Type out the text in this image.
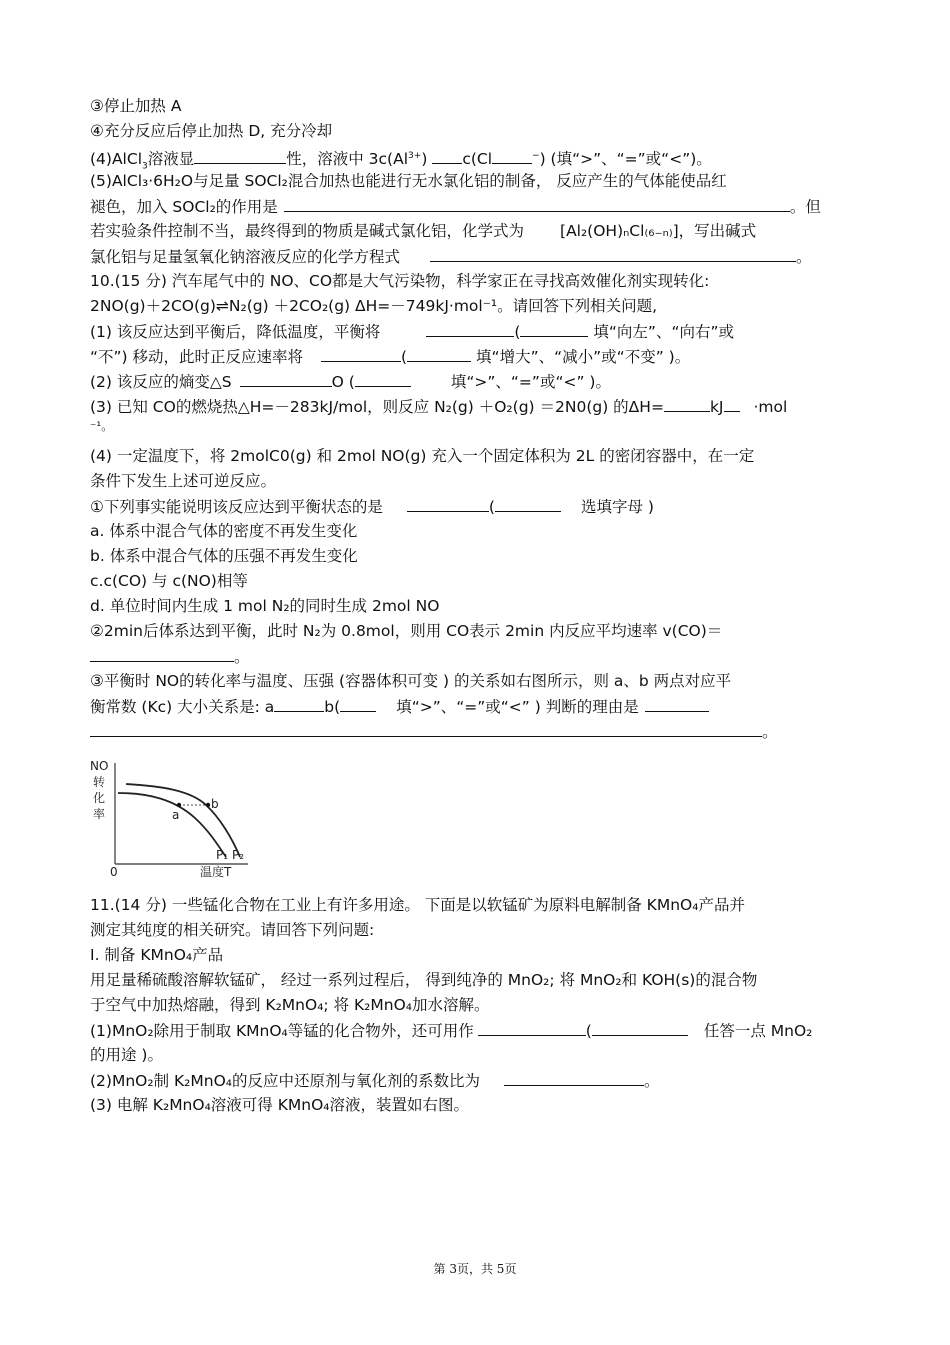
③停止加热 A
④充分反应后停止加热 D, 充分冷却
(4)AlCl$_3$溶液显	性，溶液中 $3c(Al^{3+})$ c(Cl	−) (填“>”、“=”或“<”)。
(5)AlCl₃·6H₂O与足量 SOCl₂混合加热也能进行无水氯化铝的制备， 反应产生的气体能使品红
褪色，加入 SOCl₂的作用是	。但
若实验条件控制不当，最终得到的物质是碱式氯化铝，化学式为 [Al₂(OH)ₙCl₍₆₋ₙ₎]，写出碱式
氯化铝与足量氢氧化钠溶液反应的化学方程式	。
10.(15 分) 汽车尾气中的 NO、CO都是大气污染物，科学家正在寻找高效催化剂实现转化:
2NO(g)＋2CO(g)⇌N₂(g) ＋2CO₂(g) ΔH=－749kJ·mol⁻¹。请回答下列相关问题,
(1) 该反应达到平衡后，降低温度，平衡将	(	填“向左”、“向右”或
“不”) 移动，此时正反应速率将	(	填“增大”、“减小”或“不变” )。
(2) 该反应的熵变△S	O (	填“>”、“=”或“<” )。
(3) 已知 CO的燃烧热△H=－283kJ/mol，则反应 N₂(g) ＋O₂(g) ＝2N0(g) 的ΔH=	kJ ·mol
⁻¹。
(4) 一定温度下，将 2molC0(g) 和 2mol NO(g) 充入一个固定体积为 2L 的密闭容器中，在一定
条件下发生上述可逆反应。
①下列事实能说明该反应达到平衡状态的是	(	选填字母 )
a. 体系中混合气体的密度不再发生变化
b. 体系中混合气体的压强不再发生变化
c.c(CO) 与 c(NO)相等
d. 单位时间内生成 1 mol N₂的同时生成 2mol NO
②2min后体系达到平衡，此时 N₂为 0.8mol，则用 CO表示 2min 内反应平均速率 v(CO)＝
。
③平衡时 NO的转化率与温度、压强 (容器体积可变 ) 的关系如右图所示，则 a、b 两点对应平
衡常数 (Kc) 大小关系是: a	b(	填“>”、“=”或“<” ) 判断的理由是
。
NO
转
化
率
0	温度T
a
b
P₁ P₂
11.(14 分) 一些锰化合物在工业上有许多用途。 下面是以软锰矿为原料电解制备 KMnO₄产品并
测定其纯度的相关研究。请回答下列问题:
I. 制备 KMnO₄产品
用足量稀硫酸溶解软锰矿， 经过一系列过程后， 得到纯净的 MnO₂; 将 MnO₂和 KOH(s)的混合物
于空气中加热熔融，得到 K₂MnO₄; 将 K₂MnO₄加水溶解。
(1)MnO₂除用于制取 KMnO₄等锰的化合物外，还可用作	(	任答一点 MnO₂
的用途 )。
(2)MnO₂制 K₂MnO₄的反应中还原剂与氧化剂的系数比为	。
(3) 电解 K₂MnO₄溶液可得 KMnO₄溶液，装置如右图。
第 3页，共 5页
